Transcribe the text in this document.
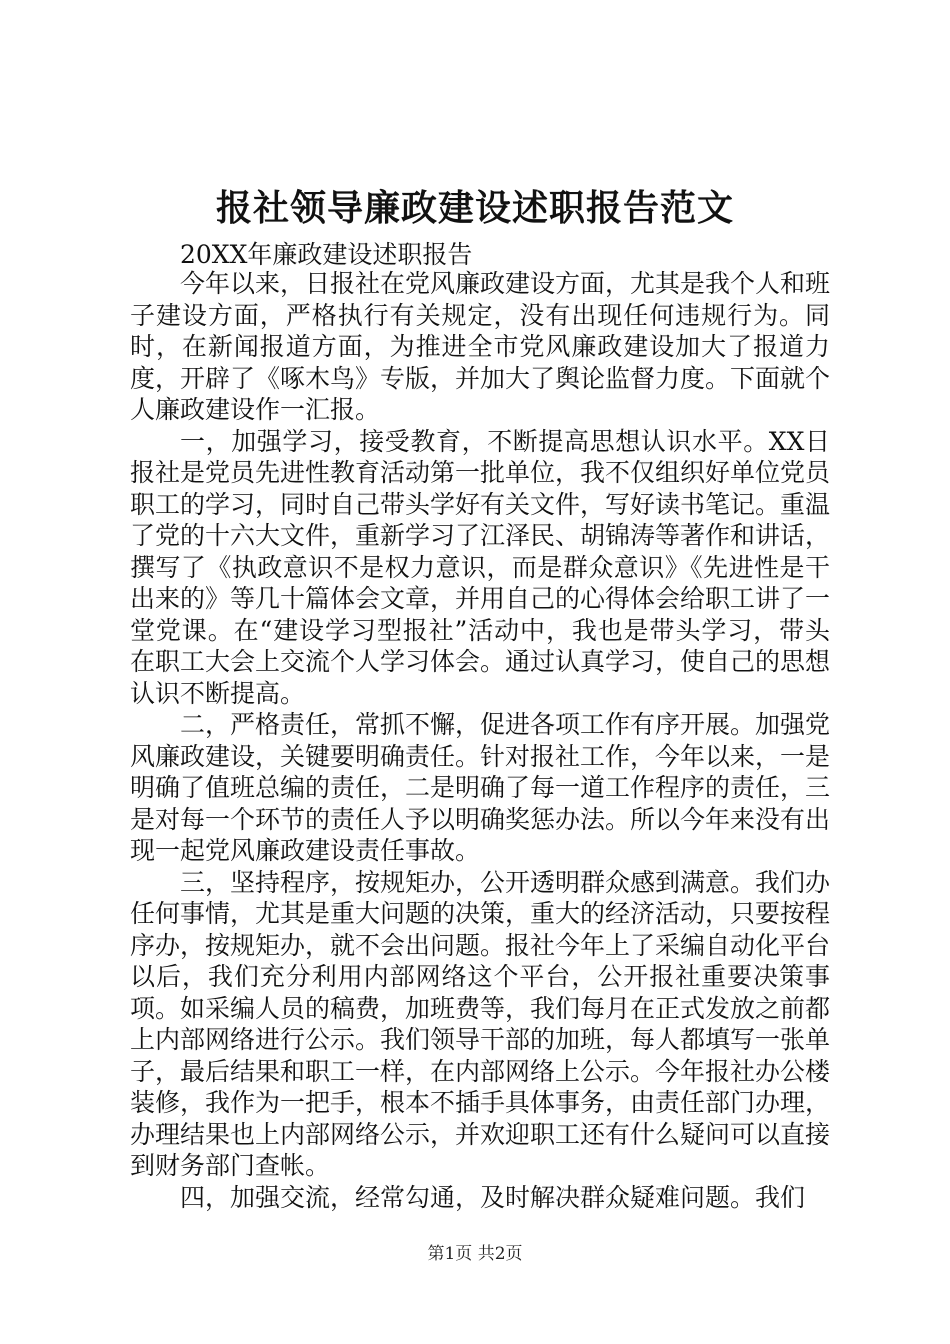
报社领导廉政建设述职报告范文

20XX年廉政建设述职报告

今年以来，日报社在党风廉政建设方面，尤其是我个人和班子建设方面，严格执行有关规定，没有出现任何违规行为。同时，在新闻报道方面，为推进全市党风廉政建设加大了报道力度，开辟了《啄木鸟》专版，并加大了舆论监督力度。下面就个人廉政建设作一汇报。

一，加强学习，接受教育，不断提高思想认识水平。XX日报社是党员先进性教育活动第一批单位，我不仅组织好单位党员职工的学习，同时自己带头学好有关文件，写好读书笔记。重温了党的十六大文件，重新学习了江泽民、胡锦涛等著作和讲话，撰写了《执政意识不是权力意识，而是群众意识》《先进性是干出来的》等几十篇体会文章，并用自己的心得体会给职工讲了一堂党课。在“建设学习型报社”活动中，我也是带头学习，带头在职工大会上交流个人学习体会。通过认真学习，使自己的思想认识不断提高。

二，严格责任，常抓不懈，促进各项工作有序开展。加强党风廉政建设，关键要明确责任。针对报社工作，今年以来，一是明确了值班总编的责任，二是明确了每一道工作程序的责任，三是对每一个环节的责任人予以明确奖惩办法。所以今年来没有出现一起党风廉政建设责任事故。

三，坚持程序，按规矩办，公开透明群众感到满意。我们办任何事情，尤其是重大问题的决策，重大的经济活动，只要按程序办，按规矩办，就不会出问题。报社今年上了采编自动化平台以后，我们充分利用内部网络这个平台，公开报社重要决策事项。如采编人员的稿费，加班费等，我们每月在正式发放之前都上内部网络进行公示。我们领导干部的加班，每人都填写一张单子，最后结果和职工一样，在内部网络上公示。今年报社办公楼装修，我作为一把手，根本不插手具体事务，由责任部门办理，办理结果也上内部网络公示，并欢迎职工还有什么疑问可以直接到财务部门查帐。

四，加强交流，经常勾通，及时解决群众疑难问题。我们

第1页 共2页
